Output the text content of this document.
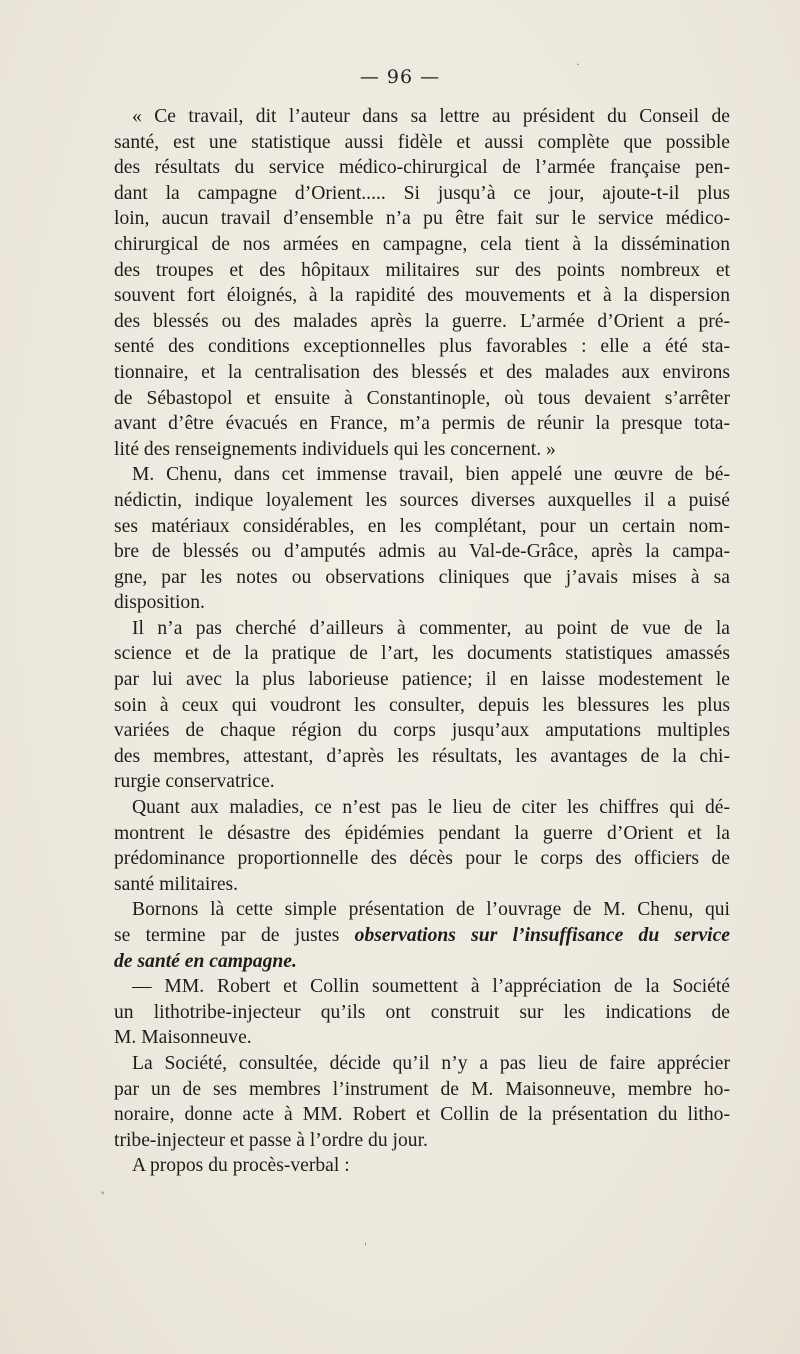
— 96 —
« Ce travail, dit l’auteur dans sa lettre au président du Conseil de
santé, est une statistique aussi fidèle et aussi complète que possible
des résultats du service médico-chirurgical de l’armée française pen-
dant la campagne d’Orient..... Si jusqu’à ce jour, ajoute-t-il plus
loin, aucun travail d’ensemble n’a pu être fait sur le service médico-
chirurgical de nos armées en campagne, cela tient à la dissémination
des troupes et des hôpitaux militaires sur des points nombreux et
souvent fort éloignés, à la rapidité des mouvements et à la dispersion
des blessés ou des malades après la guerre. L’armée d’Orient a pré-
senté des conditions exceptionnelles plus favorables : elle a été sta-
tionnaire, et la centralisation des blessés et des malades aux environs
de Sébastopol et ensuite à Constantinople, où tous devaient s’arrêter
avant d’être évacués en France, m’a permis de réunir la presque tota-
lité des renseignements individuels qui les concernent. »
M. Chenu, dans cet immense travail, bien appelé une œuvre de bé-
nédictin, indique loyalement les sources diverses auxquelles il a puisé
ses matériaux considérables, en les complétant, pour un certain nom-
bre de blessés ou d’amputés admis au Val-de-Grâce, après la campa-
gne, par les notes ou observations cliniques que j’avais mises à sa
disposition.
Il n’a pas cherché d’ailleurs à commenter, au point de vue de la
science et de la pratique de l’art, les documents statistiques amassés
par lui avec la plus laborieuse patience; il en laisse modestement le
soin à ceux qui voudront les consulter, depuis les blessures les plus
variées de chaque région du corps jusqu’aux amputations multiples
des membres, attestant, d’après les résultats, les avantages de la chi-
rurgie conservatrice.
Quant aux maladies, ce n’est pas le lieu de citer les chiffres qui dé-
montrent le désastre des épidémies pendant la guerre d’Orient et la
prédominance proportionnelle des décès pour le corps des officiers de
santé militaires.
Bornons là cette simple présentation de l’ouvrage de M. Chenu, qui
se termine par de justes observations sur l’insuffisance du service
de santé en campagne.
— MM. Robert et Collin soumettent à l’appréciation de la Société
un lithotribe-injecteur qu’ils ont construit sur les indications de
M. Maisonneuve.
La Société, consultée, décide qu’il n’y a pas lieu de faire apprécier
par un de ses membres l’instrument de M. Maisonneuve, membre ho-
noraire, donne acte à MM. Robert et Collin de la présentation du litho-
tribe-injecteur et passe à l’ordre du jour.
A propos du procès-verbal :
·
˅
ˌ
